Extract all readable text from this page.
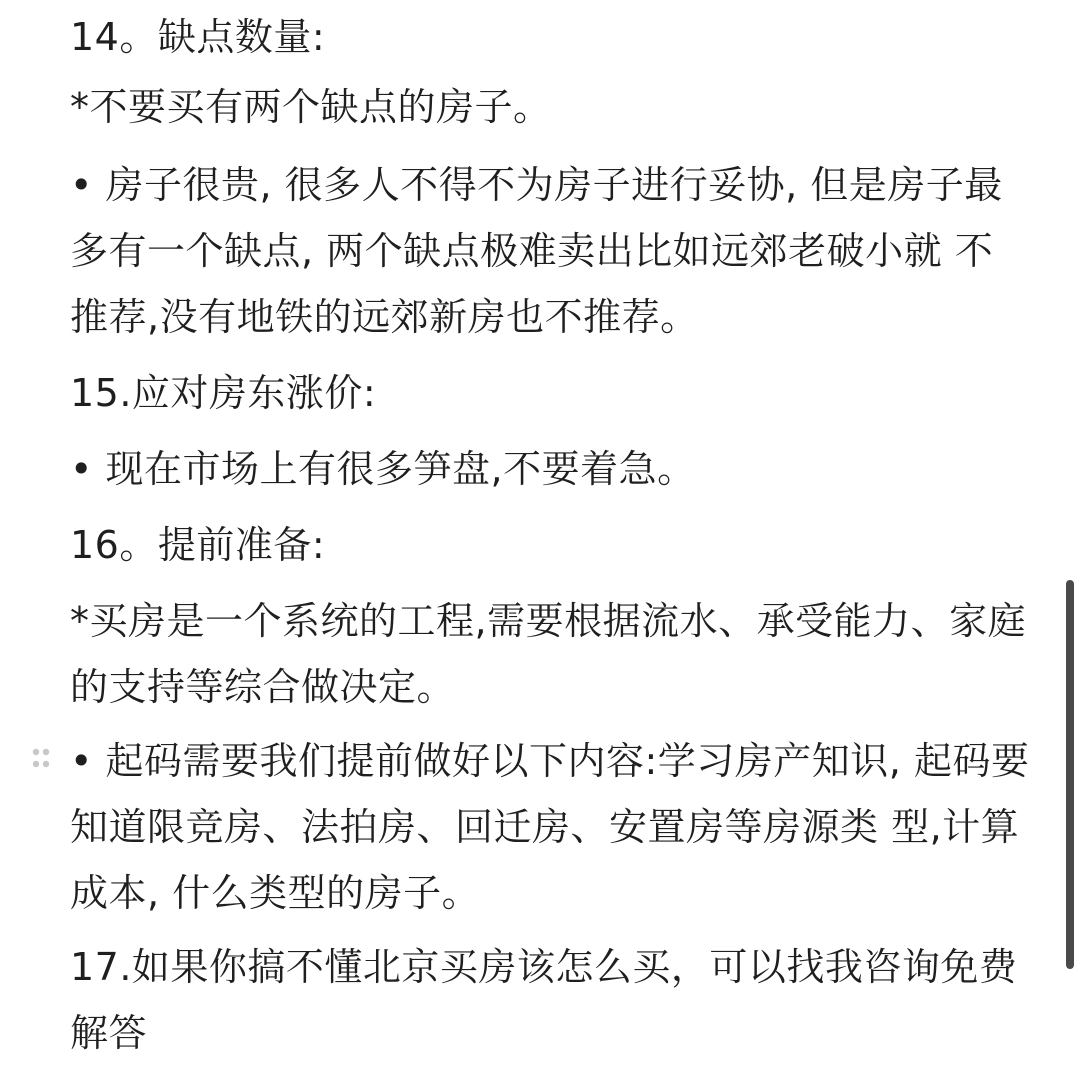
14。缺点数量:
*不要买有两个缺点的房子。
• 房子很贵, 很多人不得不为房子进行妥协, 但是房子最多有一个缺点, 两个缺点极难卖出比如远郊老破小就 不推荐,没有地铁的远郊新房也不推荐。
15.应对房东涨价:
• 现在市场上有很多笋盘,不要着急。
16。提前准备:
*买房是一个系统的工程,需要根据流水、承受能力、家庭的支持等综合做决定。
• 起码需要我们提前做好以下内容:学习房产知识, 起码要知道限竞房、法拍房、回迁房、安置房等房源类 型,计算成本, 什么类型的房子。
17.如果你搞不懂北京买房该怎么买，可以找我咨询免费解答
